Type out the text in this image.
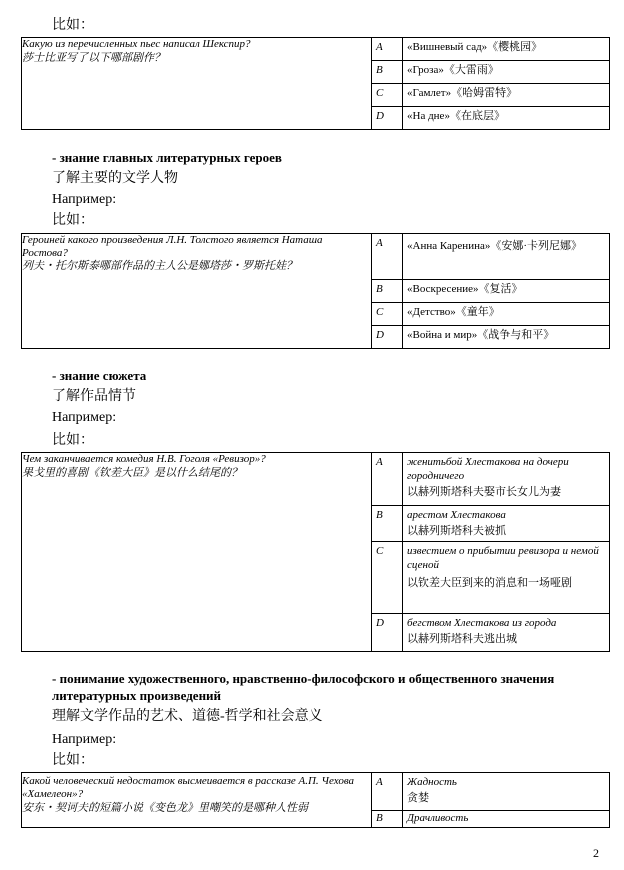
比如：
Какую из перечисленных пьес написал Шекспир?
莎士比亚写了以下哪部剧作？	A	«Вишневый сад»《樱桃园》

	B	«Гроза»《大雷雨》

	C	«Гамлет»《哈姆雷特》

	D	«На дне»《在底层》
- знание главных литературных героев
了解主要的文学人物
Например:
比如：
Героиней какого произведения Л.Н. Толстого является Наташа Ростова?
列夫・托尔斯泰哪部作品的主人公是娜塔莎・罗斯托娃？	A	«Анна Каренина»《安娜·卡列尼娜》

	B	«Воскресение»《复活》

	C	«Детство»《童年》

	D	«Война и мир»《战争与和平》
- знание сюжета
了解作品情节
Например:
比如：
Чем заканчивается комедия Н.В. Гоголя «Ревизор»?
果戈里的喜剧《钦差大臣》是以什么结尾的？	A	женитьбой Хлестакова на дочери городничего
以赫列斯塔科夫娶市长女儿为妻

	B	арестом Хлестакова
以赫列斯塔科夫被抓

	C	известием о прибытии ревизора и немой сценой
以钦差大臣到来的消息和一场哑剧

	D	бегством Хлестакова из города
以赫列斯塔科夫逃出城
- понимание художественного, нравственно-философского и общественного значения литературных произведений
理解文学作品的艺术、道德-哲学和社会意义
Например:
比如：
Какой человеческий недостаток высмеивается в рассказе А.П. Чехова «Хамелеон»?
安东・契诃夫的短篇小说《变色龙》里嘲笑的是哪种人性弱	A	Жадность
贪婪

	B	Драчливость
2
